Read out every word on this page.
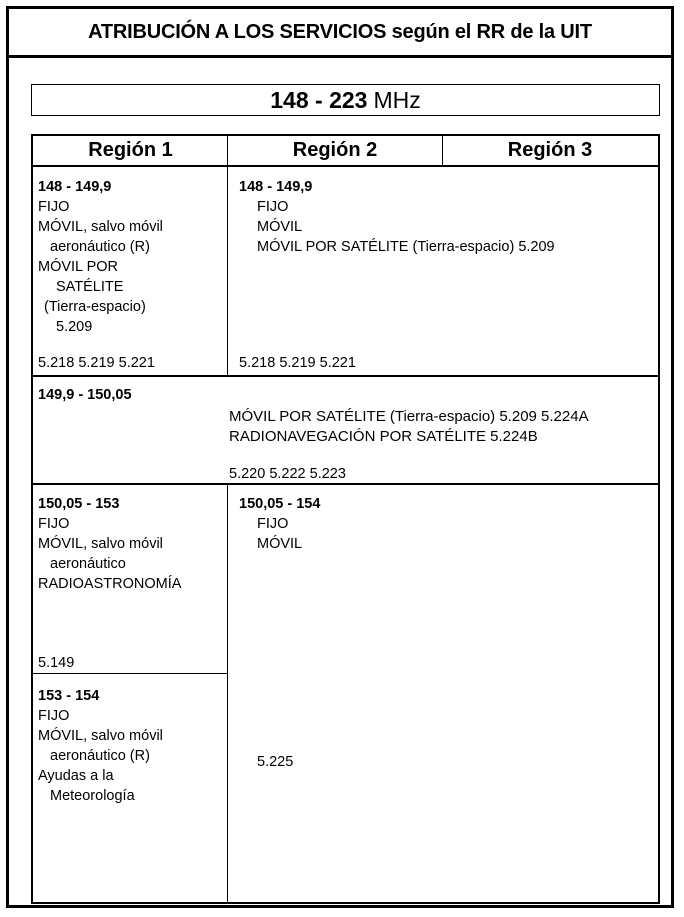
ATRIBUCIÓN A LOS SERVICIOS según el RR de la UIT
148 - 223 MHz
Región 1	Región 2	Región 3
148 - 149,9
FIJO
MÓVIL, salvo móvil
aeronáutico (R)
MÓVIL POR
SATÉLITE
(Tierra-espacio)
5.209
5.218 5.219 5.221
148 - 149,9
FIJO
MÓVIL
MÓVIL POR SATÉLITE (Tierra-espacio) 5.209
5.218 5.219 5.221
149,9 - 150,05
MÓVIL POR SATÉLITE (Tierra-espacio) 5.209 5.224A
RADIONAVEGACIÓN POR SATÉLITE 5.224B
5.220 5.222 5.223
150,05 - 153
FIJO
MÓVIL, salvo móvil
aeronáutico
RADIOASTRONOMÍA
5.149
153 - 154
FIJO
MÓVIL, salvo móvil
aeronáutico (R)
Ayudas a la
Meteorología
150,05 - 154
FIJO
MÓVIL
5.225
